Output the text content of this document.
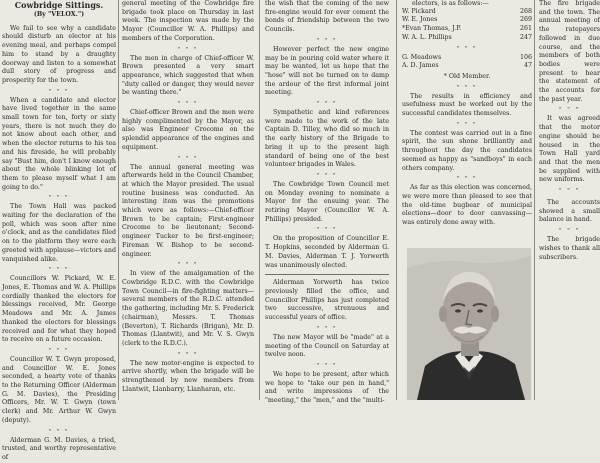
Cowbridge Sittings.

(By "VELOX.")

We fail to see why a candidate should disturb an elector at his evening meal, and perhaps compel him to stand by a draughty doorway and listen to a somewhat dull story of progress and prosperity for the town.

" " "

When a candidate and elector have lived together in the same small town for ten, forty or sixty years, there is not much they do not know about each other, and when the elector returns to his tea and his fireside, he will probably say "Bust him, don't I know enough about the whole blinking lot of them to please myself what I am going to do."

" " "

The Town Hall was packed waiting for the declaration of the poll, which was soon after nine o'clock, and as the candidates filed on to the platform they were each greeted with applause—victors and vanquished alike.

" " "

Councillors W. Pickard, W. E. Jones, E. Thomas and W. A. Phillips cordially thanked the electors for blessings received, Mr. George Meadows and Mr. A. James thanked the electors for blessings received and for what they hoped to receive on a future occasion.

" " "

Councillor W. T. Gwyn proposed, and Councillor W. E. Jones seconded, a hearty vote of thanks to the Returning Officer (Alderman G. M. Davies), the Presiding Officers, Mr. W. T. Gwyn (town clerk) and Mr. Arthur W. Gwyn (deputy).

" " "

Alderman G. M. Davies, a tried, trusted, and worthy representative of

general meeting of the Cowbridge fire brigade took place on Thursday in last week. The inspection was made by the Mayor (Councillor W. A. Phillips) and members of the Corporation.

" " "

The men in charge of Chief-officer W. Brown presented a very smart appearance, which suggested that when "duty called or danger, they would never be wanting there."

" " "

Chief-officer Brown and the men were highly complimented by the Mayor, as also was Engineer Crocome on the splendid appearance of the engines and equipment.

" " "

The annual general meeting was afterwards held in the Council Chamber, at which the Mayor presided. The usual routine business was conducted. An interesting item was the promotions which were as follows:—Chief-officer Brown to be captain; First-engineer Crocome to be lieutenant; Second-engineer Tucker to be first-engineer; Fireman W. Bishop to be second-engineer.

" " "

In view of the amalgamation of the Cowbridge R.D.C. with the Cowbridge Town Council—in fire-fighting matters—several members of the R.D.C. attended the gathering, including Mr. S. Frederick (chairman), Messrs. T. Thomas (Beverton), T. Richards (Brigan), Mr. D. Thomas (Llantwit), and Mr. V. S. Gwyn (clerk to the R.D.C.).

" " "

The new motor-engine is expected to arrive shortly, when the brigade will be strengthened by new members from Llantwit, Llanbarry, Llanharan, etc.

the wish that the coming of the new fire-engine would for ever cement the bonds of friendship between the two Councils.

" " "

However perfect the new engine may be in pouring cold water where it may be wanted, let us hope that the "hose" will not be turned on to damp the ardour of the first informal joint meeting.

" " "

Sympathetic and kind references were made to the work of the late Captain D. Tilley, who did so much in the early history of the Brigade to bring it up to the present high standard of being one of the best volunteer brigades in Wales.

" " "

The Cowbridge Town Council met on Monday evening to nominate a Mayor for the ensuing year. The retiring Mayor (Councillor W. A. Phillips) presided.

" " "

On the proposition of Councillor E. T. Hopkins, seconded by Alderman G. M. Davies, Alderman T. J. Yorwerth was unanimously elected.

Alderman Yorwerth has twice previously filled the office, and Councillor Phillips has just completed two successive, strenuous and successful years of office.

" " "

The new Mayor will be "made" at a meeting of the Council on Saturday at twelve noon.

" " "

We hope to be present, after which we hope to "take our pen in hand," and write impressions of the "meeting," the "men," and the "multi-

electors, is as follows:—

W. Pickard	268
W. E. Jones	269
*Evan Thomas, J.P.	261
W. A. L. Phillips	247
" " "
G. Meadows	106
A. D. James	47

* Old Member.

" " "

The results in efficiency and usefulness must be worked out by the successful candidates themselves.

" " "

The contest was carried out in a fine spirit, the sun shone brilliantly and throughout the day the candidates seemed as happy as "sandboys" in each others company.

" " "

As far as this election was concerned, we were more than pleased to see that the old-time bugbear of municipal elections—door to door canvassing—was entirely done away with.

The fire brigade and the town. The annual meeting of the ratepayers followed in due course, and the members of both bodies were present to hear the statement of the accounts for the past year.

" " "

It was agreed that the motor engine should be housed in the Town Hall yard and that the men be supplied with new uniforms.

" " "

The accounts showed a small balance in hand.

" " "

The brigade wishes to thank all subscribers.
